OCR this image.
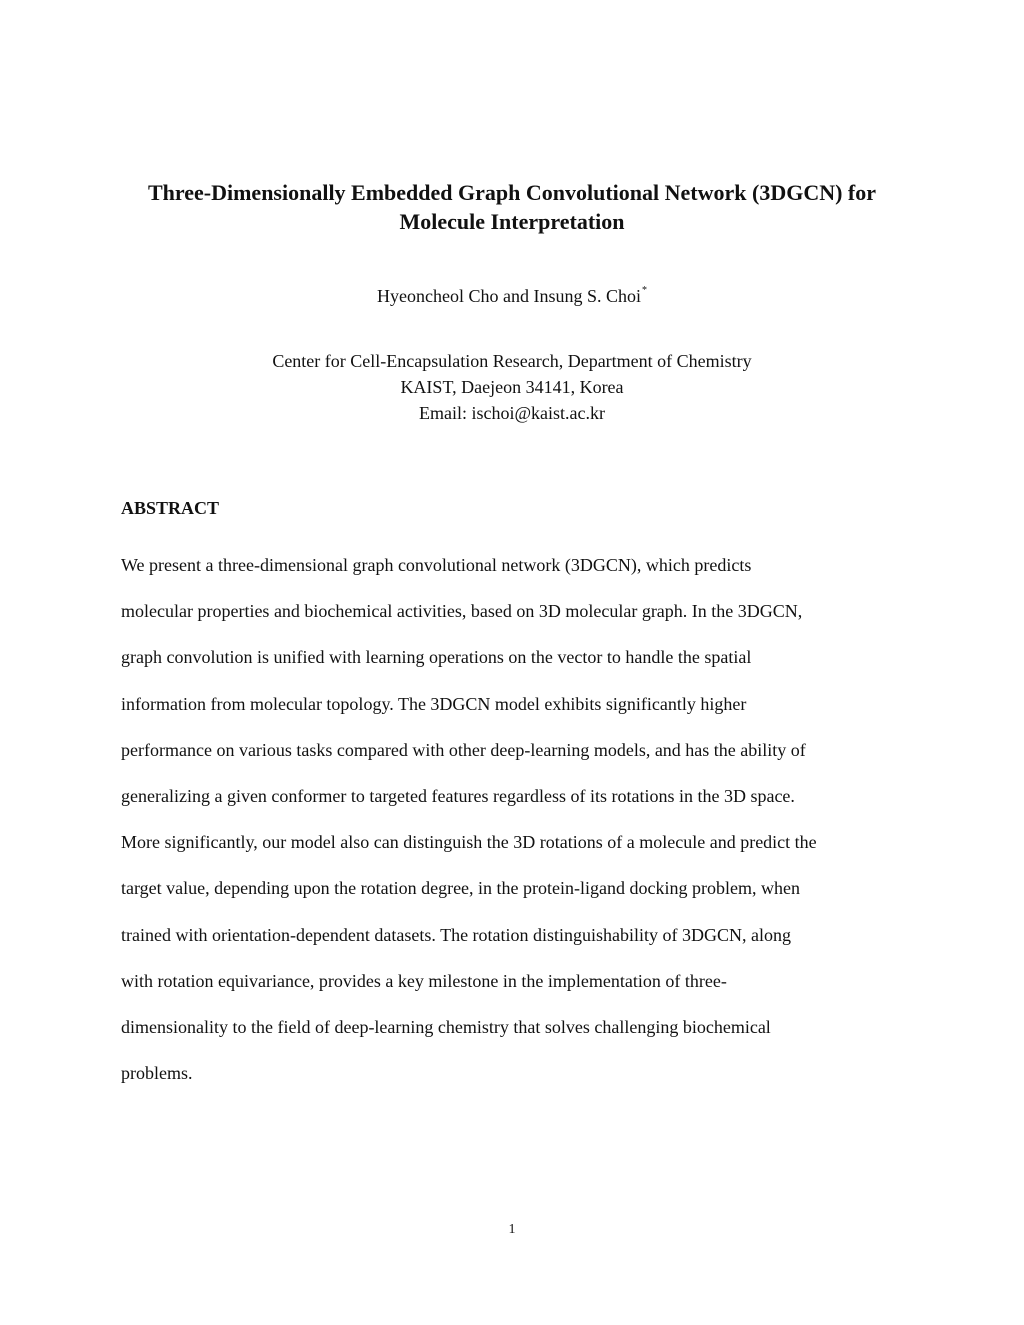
Three-Dimensionally Embedded Graph Convolutional Network (3DGCN) for
Molecule Interpretation
Hyeoncheol Cho and Insung S. Choi*
Center for Cell-Encapsulation Research, Department of Chemistry
KAIST, Daejeon 34141, Korea
Email: ischoi@kaist.ac.kr
ABSTRACT
We present a three-dimensional graph convolutional network (3DGCN), which predicts
molecular properties and biochemical activities, based on 3D molecular graph. In the 3DGCN,
graph convolution is unified with learning operations on the vector to handle the spatial
information from molecular topology. The 3DGCN model exhibits significantly higher
performance on various tasks compared with other deep-learning models, and has the ability of
generalizing a given conformer to targeted features regardless of its rotations in the 3D space.
More significantly, our model also can distinguish the 3D rotations of a molecule and predict the
target value, depending upon the rotation degree, in the protein-ligand docking problem, when
trained with orientation-dependent datasets. The rotation distinguishability of 3DGCN, along
with rotation equivariance, provides a key milestone in the implementation of three-
dimensionality to the field of deep-learning chemistry that solves challenging biochemical
problems.
1
